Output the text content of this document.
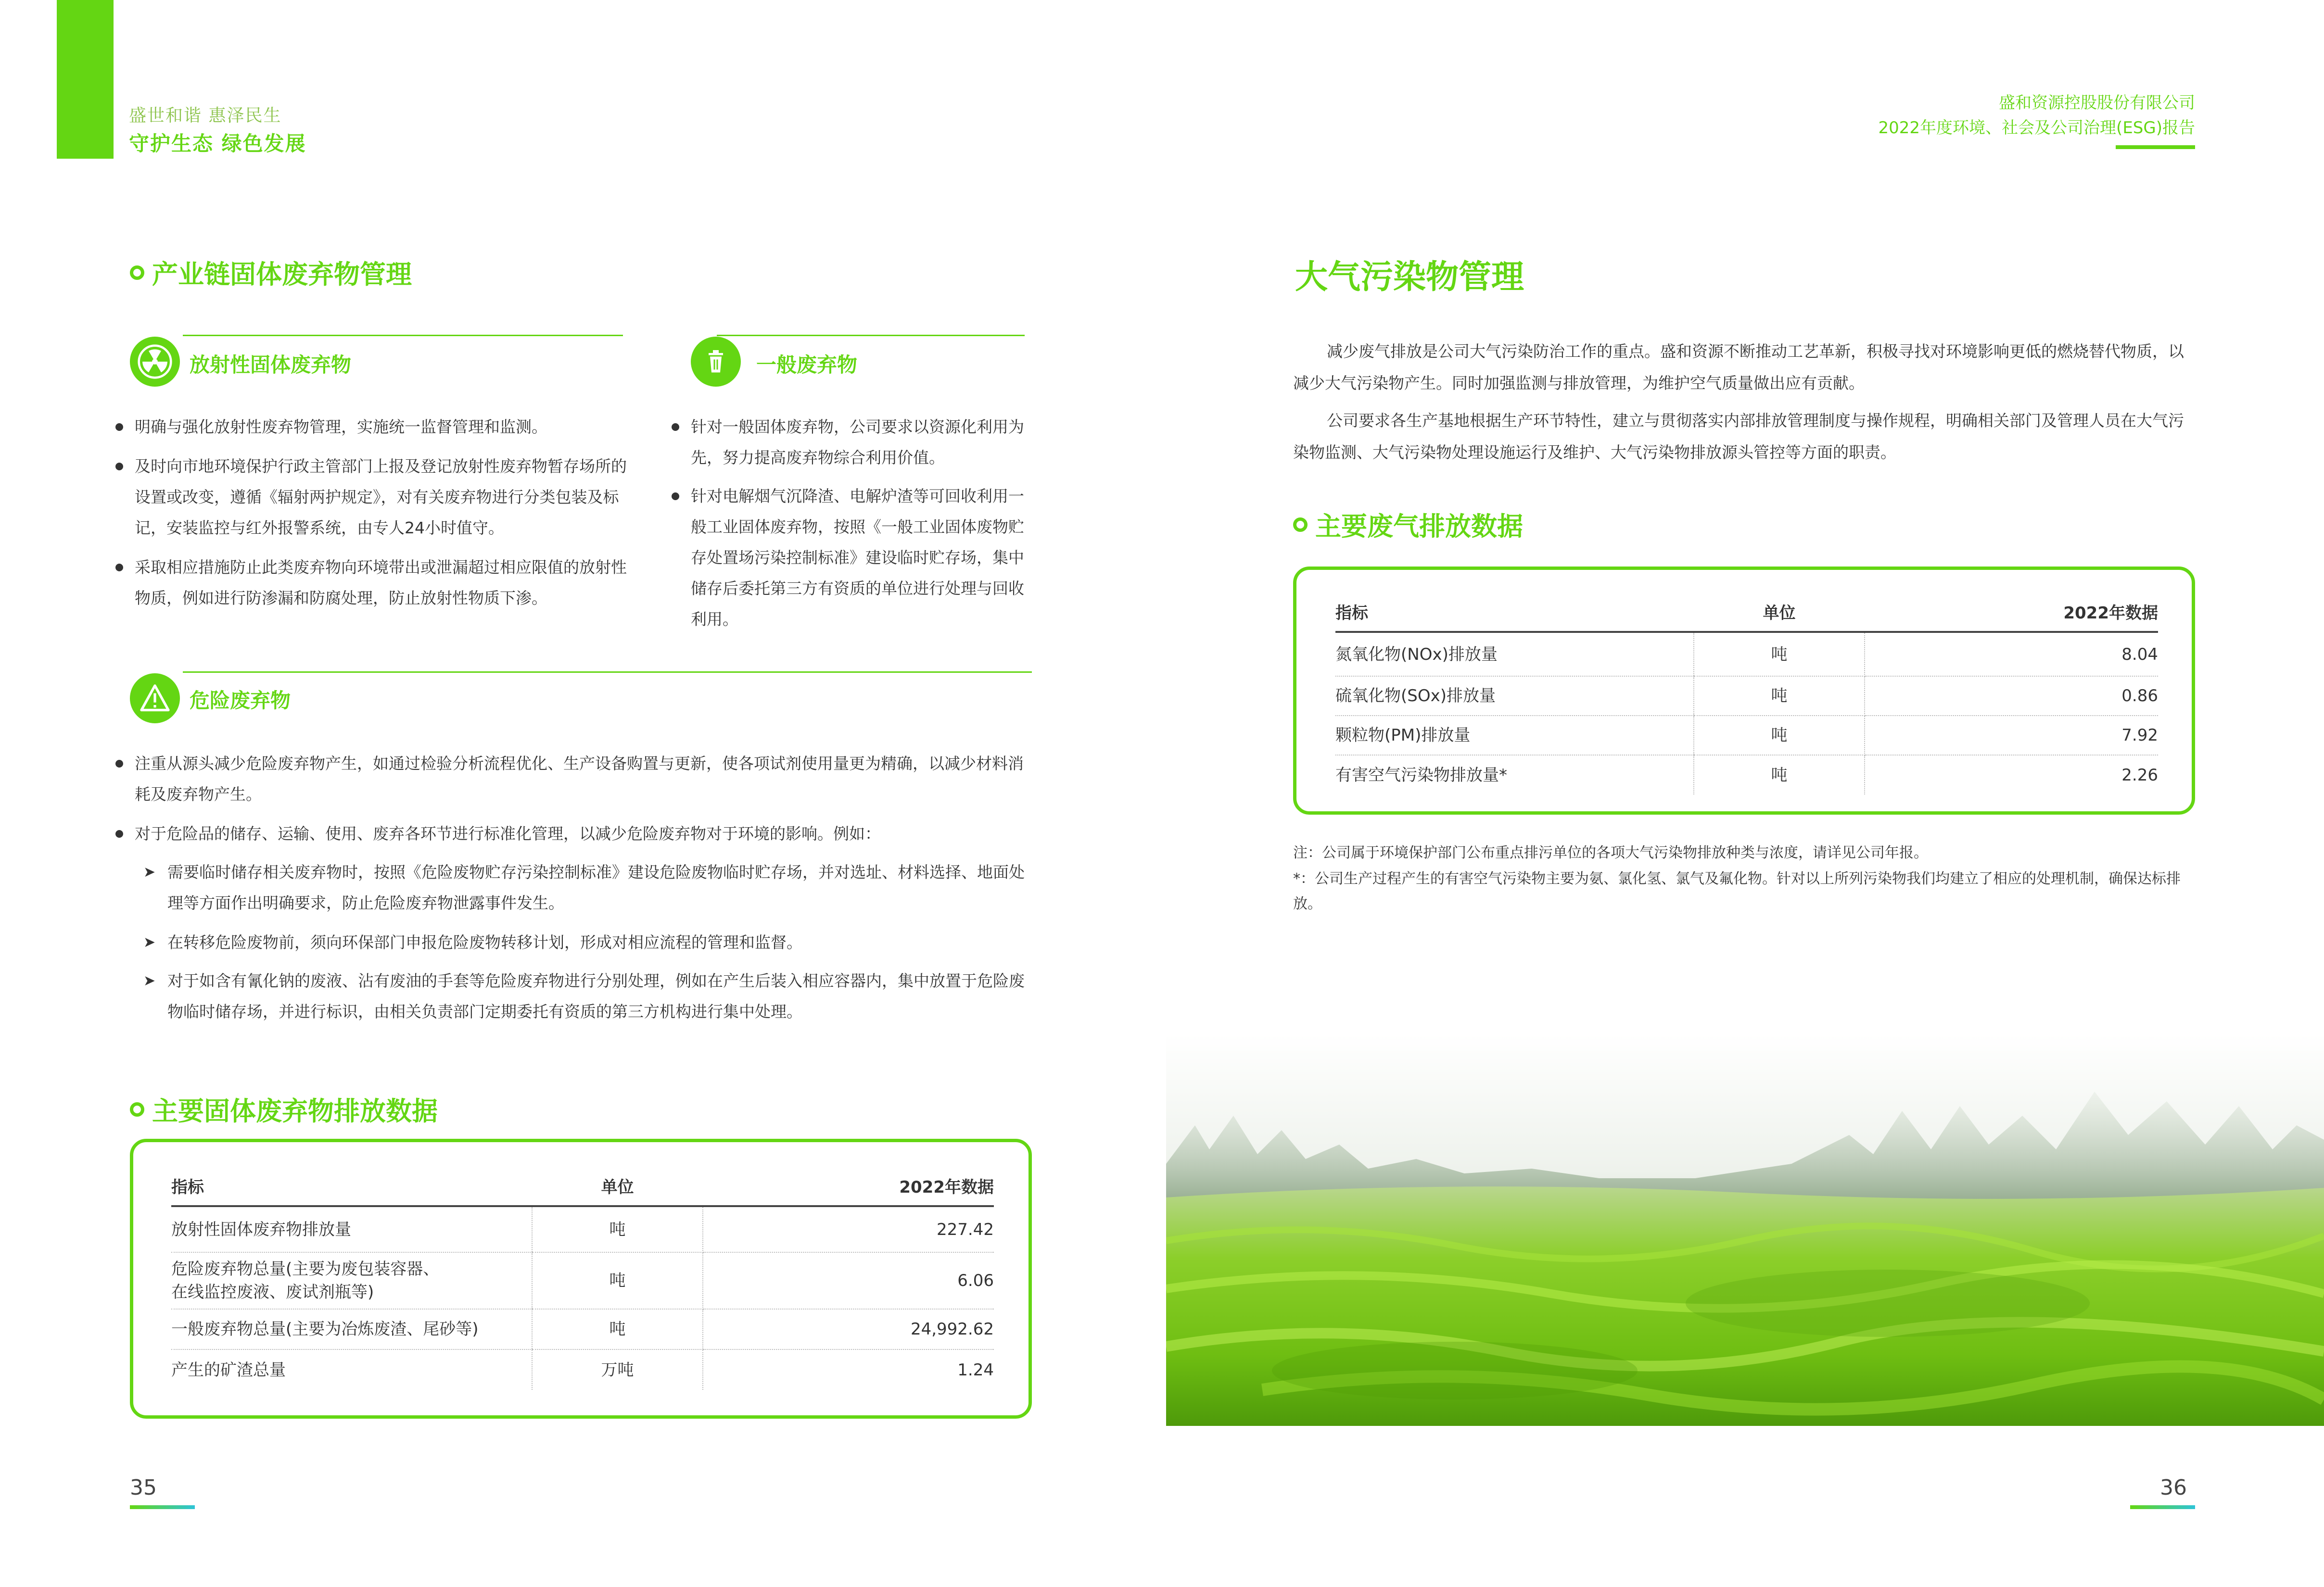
盛世和谐 惠泽民生
守护生态 绿色发展
盛和资源控股股份有限公司
2022年度环境、社会及公司治理(ESG)报告
产业链固体废弃物管理
放射性固体废弃物
明确与强化放射性废弃物管理，实施统一监督管理和监测。
及时向市地环境保护行政主管部门上报及登记放射性废弃物暂存场所的设置或改变，遵循《辐射两护规定》，对有关废弃物进行分类包装及标记，安装监控与红外报警系统，由专人24小时值守。
采取相应措施防止此类废弃物向环境带出或泄漏超过相应限值的放射性物质，例如进行防渗漏和防腐处理，防止放射性物质下渗。
一般废弃物
针对一般固体废弃物，公司要求以资源化利用为先，努力提高废弃物综合利用价值。
针对电解烟气沉降渣、电解炉渣等可回收利用一般工业固体废弃物，按照《一般工业固体废物贮存处置场污染控制标准》建设临时贮存场，集中储存后委托第三方有资质的单位进行处理与回收利用。
危险废弃物
注重从源头减少危险废弃物产生，如通过检验分析流程优化、生产设备购置与更新，使各项试剂使用量更为精确，以减少材料消耗及废弃物产生。
对于危险品的储存、运输、使用、废弃各环节进行标准化管理，以减少危险废弃物对于环境的影响。例如：
➤ 需要临时储存相关废弃物时，按照《危险废物贮存污染控制标准》建设危险废物临时贮存场，并对选址、材料选择、地面处理等方面作出明确要求，防止危险废弃物泄露事件发生。
➤ 在转移危险废物前，须向环保部门申报危险废物转移计划，形成对相应流程的管理和监督。
➤ 对于如含有氰化钠的废液、沾有废油的手套等危险废弃物进行分别处理，例如在产生后装入相应容器内，集中放置于危险废物临时储存场，并进行标识，由相关负责部门定期委托有资质的第三方机构进行集中处理。
主要固体废弃物排放数据
指标	单位	2022年数据
放射性固体废弃物排放量	吨	227.42
危险废弃物总量(主要为废包装容器、
在线监控废液、废试剂瓶等)	吨	6.06
一般废弃物总量(主要为冶炼废渣、尾砂等)	吨	24,992.62
产生的矿渣总量	万吨	1.24
35
大气污染物管理
减少废气排放是公司大气污染防治工作的重点。盛和资源不断推动工艺革新，积极寻找对环境影响更低的燃烧替代物质，以减少大气污染物产生。同时加强监测与排放管理，为维护空气质量做出应有贡献。
公司要求各生产基地根据生产环节特性，建立与贯彻落实内部排放管理制度与操作规程，明确相关部门及管理人员在大气污染物监测、大气污染物处理设施运行及维护、大气污染物排放源头管控等方面的职责。
主要废气排放数据
指标	单位	2022年数据
氮氧化物(NOx)排放量	吨	8.04
硫氧化物(SOx)排放量	吨	0.86
颗粒物(PM)排放量	吨	7.92
有害空气污染物排放量*	吨	2.26
注：公司属于环境保护部门公布重点排污单位的各项大气污染物排放种类与浓度，请详见公司年报。
*：公司生产过程产生的有害空气污染物主要为氨、氯化氢、氯气及氟化物。针对以上所列污染物我们均建立了相应的处理机制，确保达标排放。
36
